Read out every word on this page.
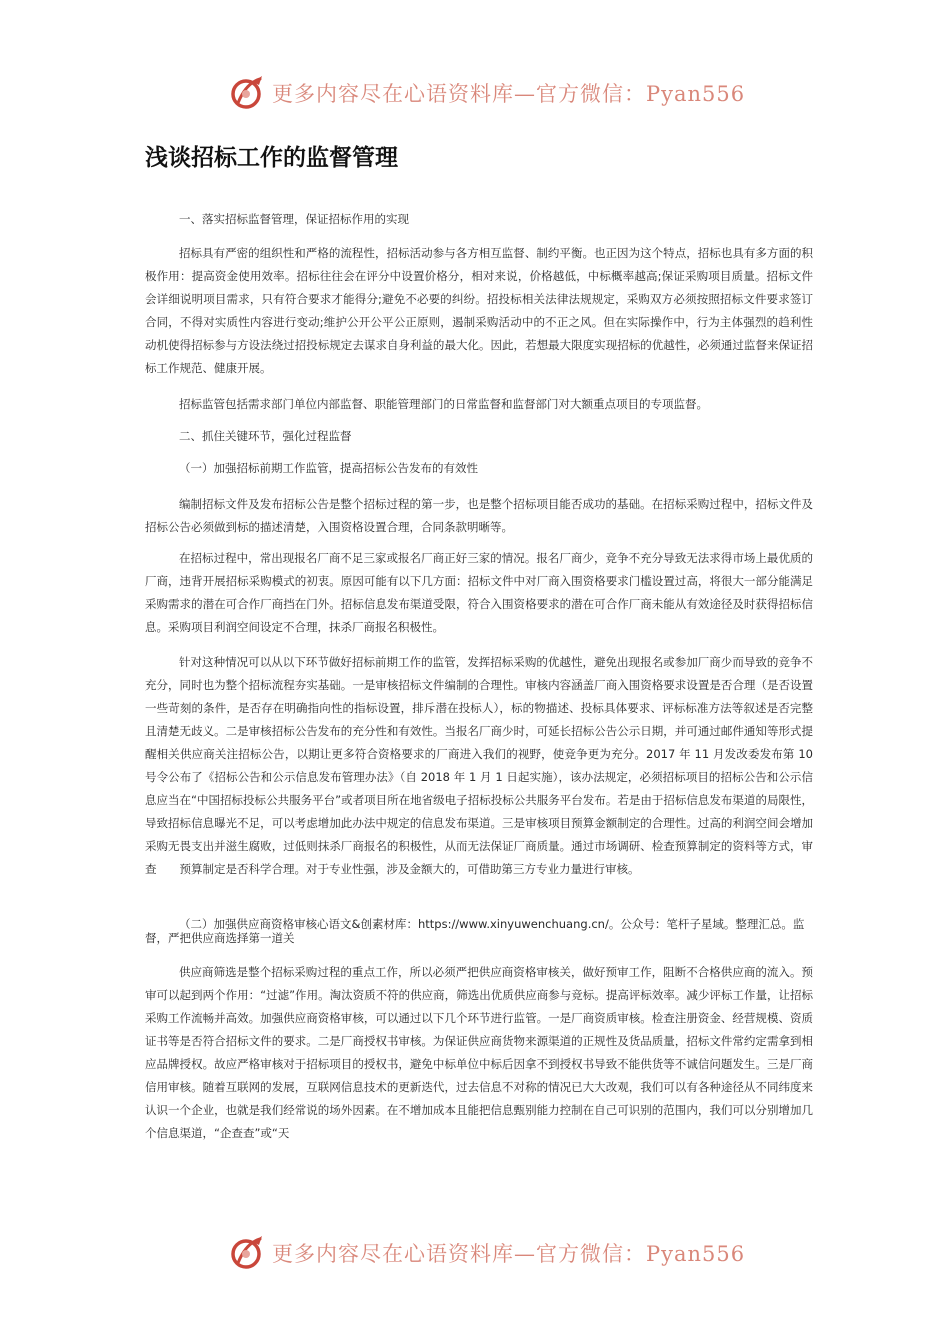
更多内容尽在心语资料库—官方微信：Pyan556
浅谈招标工作的监督管理
一、落实招标监督管理，保证招标作用的实现
招标具有严密的组织性和严格的流程性，招标活动参与各方相互监督、制约平衡。也正因为这个特点，招标也具有多方面的积极作用：提高资金使用效率。招标往往会在评分中设置价格分，相对来说，价格越低，中标概率越高;保证采购项目质量。招标文件会详细说明项目需求，只有符合要求才能得分;避免不必要的纠纷。招投标相关法律法规规定，采购双方必须按照招标文件要求签订合同，不得对实质性内容进行变动;维护公开公平公正原则，遏制采购活动中的不正之风。但在实际操作中，行为主体强烈的趋利性动机使得招标参与方设法绕过招投标规定去谋求自身利益的最大化。因此，若想最大限度实现招标的优越性，必须通过监督来保证招标工作规范、健康开展。
招标监管包括需求部门单位内部监督、职能管理部门的日常监督和监督部门对大额重点项目的专项监督。
二、抓住关键环节，强化过程监督
（一）加强招标前期工作监管，提高招标公告发布的有效性
编制招标文件及发布招标公告是整个招标过程的第一步，也是整个招标项目能否成功的基础。在招标采购过程中，招标文件及招标公告必须做到标的描述清楚，入围资格设置合理，合同条款明晰等。
在招标过程中，常出现报名厂商不足三家或报名厂商正好三家的情况。报名厂商少，竞争不充分导致无法求得市场上最优质的厂商，违背开展招标采购模式的初衷。原因可能有以下几方面：招标文件中对厂商入围资格要求门槛设置过高，将很大一部分能满足采购需求的潜在可合作厂商挡在门外。招标信息发布渠道受限，符合入围资格要求的潜在可合作厂商未能从有效途径及时获得招标信息。采购项目利润空间设定不合理，抹杀厂商报名积极性。
针对这种情况可以从以下环节做好招标前期工作的监管，发挥招标采购的优越性，避免出现报名或参加厂商少而导致的竞争不充分，同时也为整个招标流程夯实基础。一是审核招标文件编制的合理性。审核内容涵盖厂商入围资格要求设置是否合理（是否设置一些苛刻的条件，是否存在明确指向性的指标设置，排斥潜在投标人），标的物描述、投标具体要求、评标标准方法等叙述是否完整且清楚无歧义。二是审核招标公告发布的充分性和有效性。当报名厂商少时，可延长招标公告公示日期，并可通过邮件通知等形式提醒相关供应商关注招标公告，以期让更多符合资格要求的厂商进入我们的视野，使竞争更为充分。2017 年 11 月发改委发布第 10 号令公布了《招标公告和公示信息发布管理办法》（自 2018 年 1 月 1 日起实施），该办法规定，必须招标项目的招标公告和公示信息应当在“中国招标投标公共服务平台”或者项目所在地省级电子招标投标公共服务平台发布。若是由于招标信息发布渠道的局限性，导致招标信息曝光不足，可以考虑增加此办法中规定的信息发布渠道。三是审核项目预算金额制定的合理性。过高的利润空间会增加采购无畏支出并滋生腐败，过低则抹杀厂商报名的积极性，从而无法保证厂商质量。通过市场调研、检查预算制定的资料等方式，审查　　预算制定是否科学合理。对于专业性强，涉及金额大的，可借助第三方专业力量进行审核。
（二）加强供应商资格审核心语文&创素材库：https://www.xinyuwenchuang.cn/。公众号：笔杆子星域。整理汇总。监督，严把供应商选择第一道关
供应商筛选是整个招标采购过程的重点工作，所以必须严把供应商资格审核关，做好预审工作，阻断不合格供应商的流入。预审可以起到两个作用：“过滤”作用。淘汰资质不符的供应商，筛选出优质供应商参与竞标。提高评标效率。减少评标工作量，让招标采购工作流畅并高效。加强供应商资格审核，可以通过以下几个环节进行监管。一是厂商资质审核。检查注册资金、经营规模、资质证书等是否符合招标文件的要求。二是厂商授权书审核。为保证供应商货物来源渠道的正规性及货品质量，招标文件常约定需拿到相应品牌授权。故应严格审核对于招标项目的授权书，避免中标单位中标后因拿不到授权书导致不能供货等不诚信问题发生。三是厂商信用审核。随着互联网的发展，互联网信息技术的更新迭代，过去信息不对称的情况已大大改观，我们可以有各种途径从不同纬度来认识一个企业，也就是我们经常说的场外因素。在不增加成本且能把信息甄别能力控制在自己可识别的范围内，我们可以分别增加几个信息渠道，“企查查”或“天
更多内容尽在心语资料库—官方微信：Pyan556
